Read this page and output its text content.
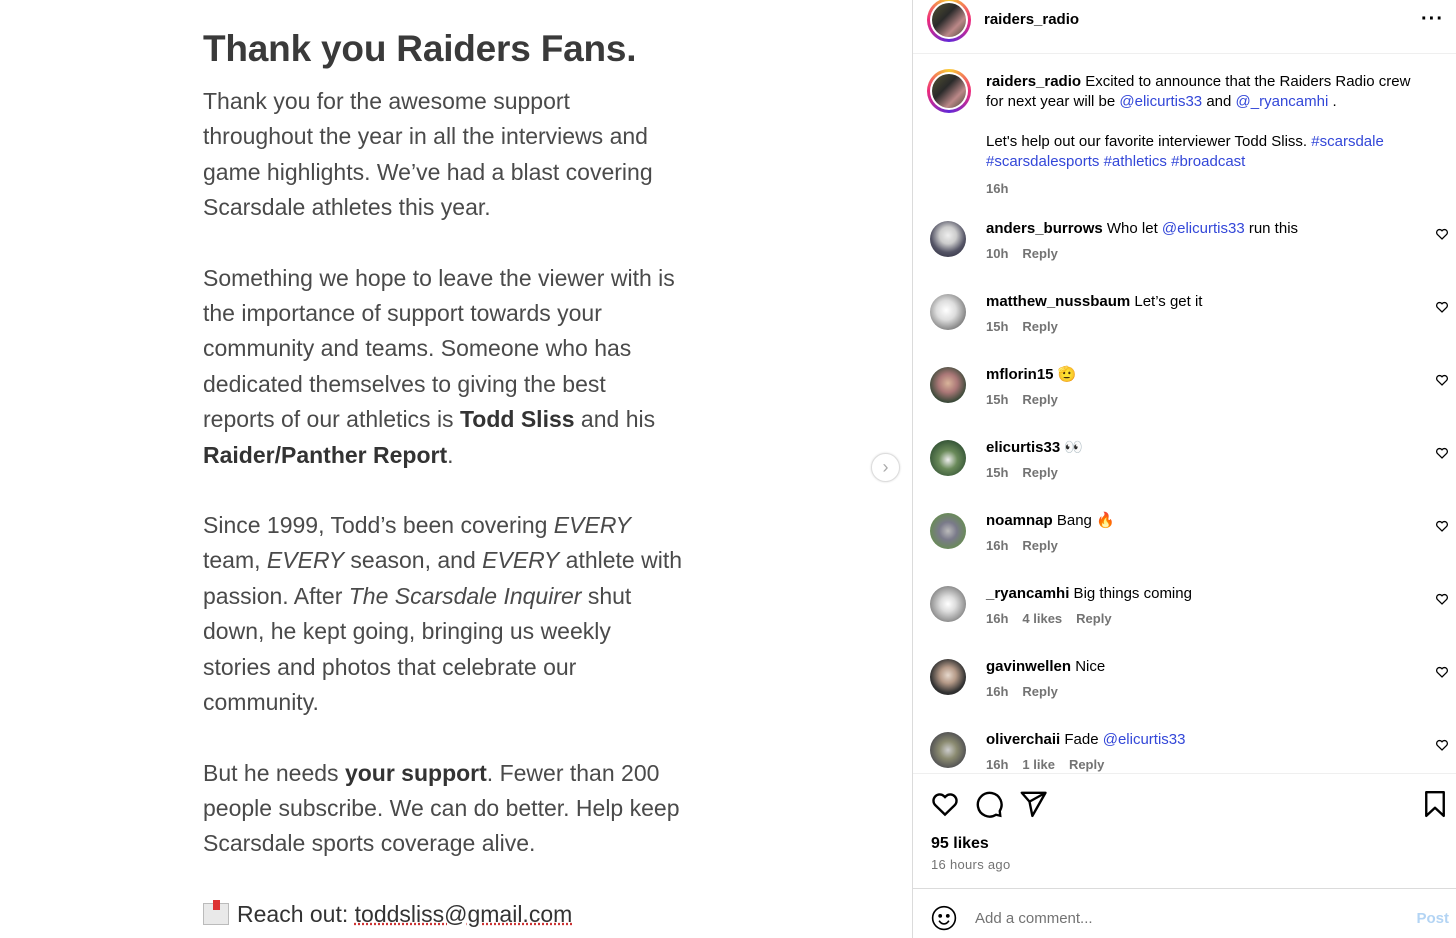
Thank you Raiders Fans.

Thank you for the awesome support throughout the year in all the interviews and game highlights. We’ve had a blast covering Scarsdale athletes this year.

Something we hope to leave the viewer with is the importance of support towards your community and teams. Someone who has dedicated themselves to giving the best reports of our athletics is Todd Sliss and his Raider/Panther Report.

Since 1999, Todd’s been covering EVERY team, EVERY season, and EVERY athlete with passion. After The Scarsdale Inquirer shut down, he kept going, bringing us weekly stories and photos that celebrate our community.

But he needs your support. Fewer than 200 people subscribe. We can do better. Help keep Scarsdale sports coverage alive.

Reach out: toddsliss@gmail.com
›
raiders_radio	···
raiders_radio Excited to announce that the Raiders Radio crew for next year will be @elicurtis33 and @_ryancamhi .
Let's help out our favorite interviewer Todd Sliss. #scarsdale
#scarsdalesports #athletics #broadcast
16h
anders_burrows Who let @elicurtis33 run this
10h Reply
matthew_nussbaum Let’s get it
15h Reply
mflorin15 🫡
15h Reply
elicurtis33 👀
15h Reply
noamnap Bang 🔥
16h Reply
_ryancamhi Big things coming
16h 4 likes Reply
gavinwellen Nice
16h Reply
oliverchaii Fade @elicurtis33
16h 1 like Reply
95 likes
16 hours ago
Add a comment...
Post
